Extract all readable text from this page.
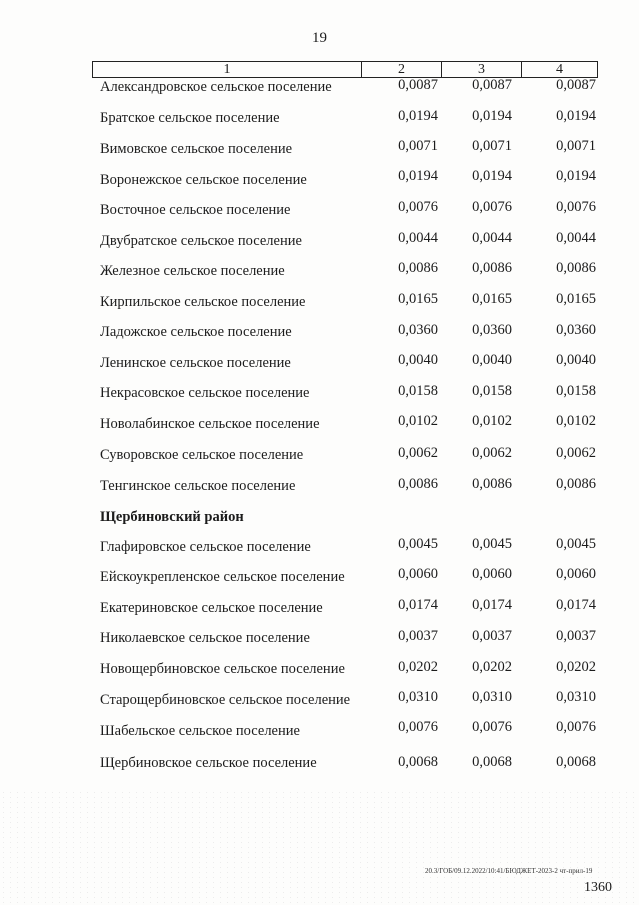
19
1	2	3	4
Александровское сельское поселение	0,0087	0,0087	0,0087
Братское сельское поселение	0,0194	0,0194	0,0194
Вимовское сельское поселение	0,0071	0,0071	0,0071
Воронежское сельское поселение	0,0194	0,0194	0,0194
Восточное сельское поселение	0,0076	0,0076	0,0076
Двубратское сельское поселение	0,0044	0,0044	0,0044
Железное сельское поселение	0,0086	0,0086	0,0086
Кирпильское сельское поселение	0,0165	0,0165	0,0165
Ладожское сельское поселение	0,0360	0,0360	0,0360
Ленинское сельское поселение	0,0040	0,0040	0,0040
Некрасовское сельское поселение	0,0158	0,0158	0,0158
Новолабинское сельское поселение	0,0102	0,0102	0,0102
Суворовское сельское поселение	0,0062	0,0062	0,0062
Тенгинское сельское поселение	0,0086	0,0086	0,0086
Щербиновский район
Глафировское сельское поселение	0,0045	0,0045	0,0045
Ейскоукрепленское сельское поселение	0,0060	0,0060	0,0060
Екатериновское сельское поселение	0,0174	0,0174	0,0174
Николаевское сельское поселение	0,0037	0,0037	0,0037
Новощербиновское сельское поселение	0,0202	0,0202	0,0202
Старощербиновское сельское поселение	0,0310	0,0310	0,0310
Шабельское сельское поселение	0,0076	0,0076	0,0076
Щербиновское сельское поселение	0,0068	0,0068	0,0068
20.3/ГОБ/09.12.2022/10:41/БЮДЖЕТ-2023-2 чт-прил-19
1360
